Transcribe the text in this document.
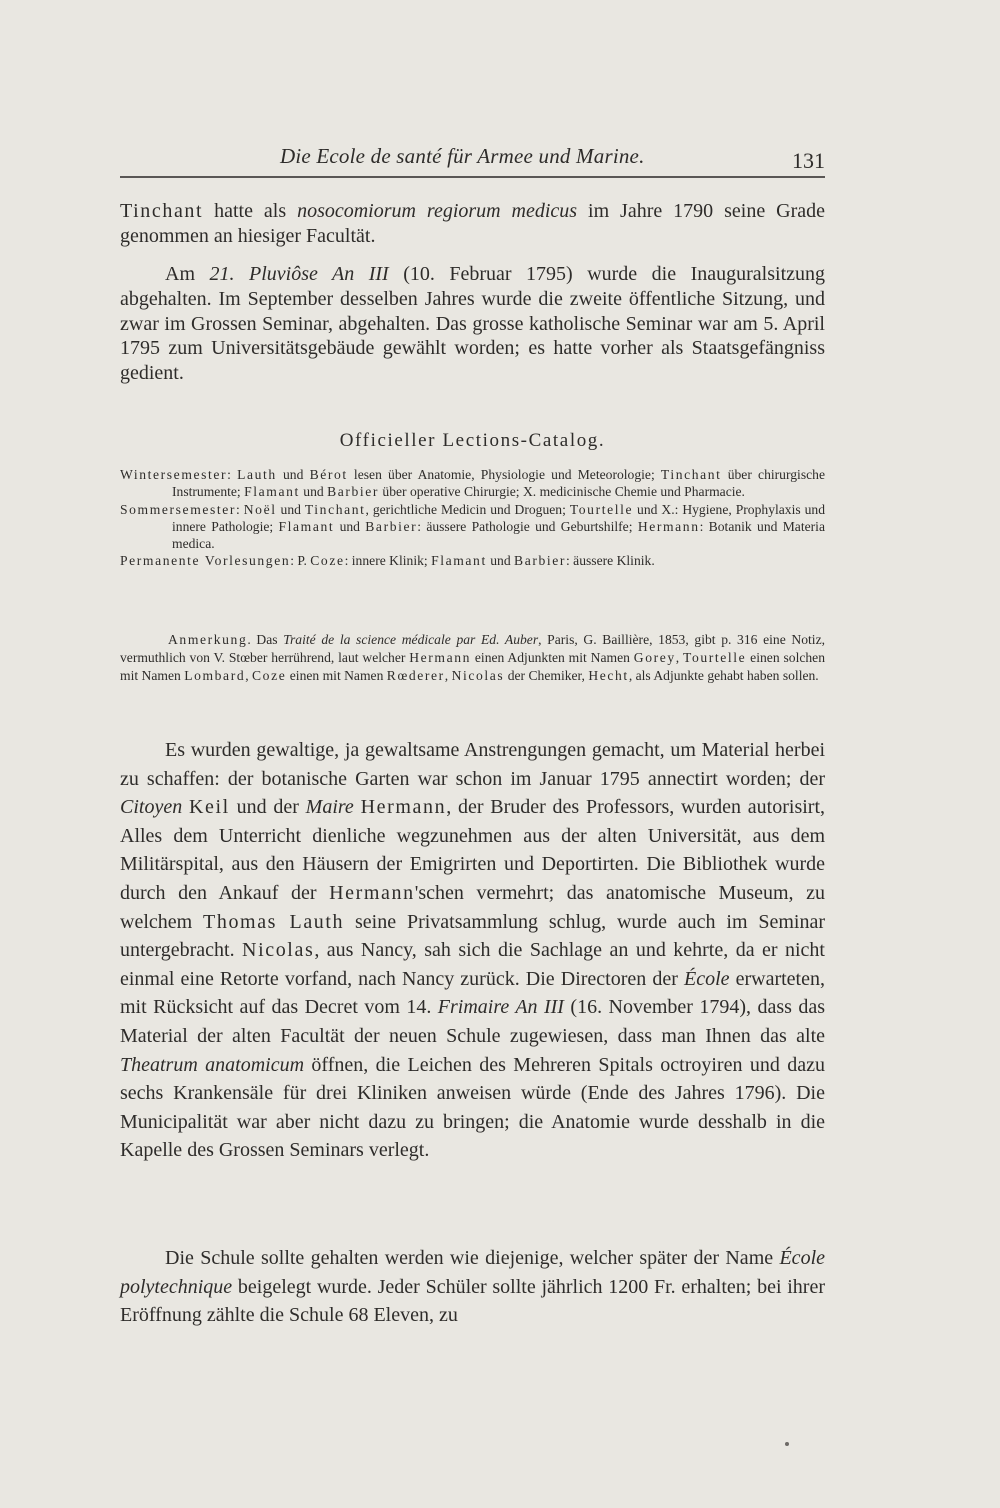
Die Ecole de santé für Armee und Marine.	131

Tinchant hatte als nosocomiorum regiorum medicus im Jahre 1790 seine Grade genommen an hiesiger Facultät.

Am 21. Pluviôse An III (10. Februar 1795) wurde die Inauguralsitzung abgehalten. Im September desselben Jahres wurde die zweite öffentliche Sitzung, und zwar im Grossen Seminar, abgehalten. Das grosse katholische Seminar war am 5. April 1795 zum Universitätsgebäude gewählt worden; es hatte vorher als Staatsgefängniss gedient.

Officieller Lections-Catalog.
Wintersemester: Lauth und Bérot lesen über Anatomie, Physiologie und Meteorologie; Tinchant über chirurgische Instrumente; Flamant und Barbier über operative Chirurgie; X. medicinische Chemie und Pharmacie.
Sommersemester: Noël und Tinchant, gerichtliche Medicin und Droguen; Tourtelle und X.: Hygiene, Prophylaxis und innere Pathologie; Flamant und Barbier: äussere Pathologie und Geburtshilfe; Hermann: Botanik und Materia medica.
Permanente Vorlesungen: P. Coze: innere Klinik; Flamant und Barbier: äussere Klinik.

Anmerkung. Das Traité de la science médicale par Ed. Auber, Paris, G. Baillière, 1853, gibt p. 316 eine Notiz, vermuthlich von V. Stœber herrührend, laut welcher Hermann einen Adjunkten mit Namen Gorey, Tourtelle einen solchen mit Namen Lombard, Coze einen mit Namen Rœderer, Nicolas der Chemiker, Hecht, als Adjunkte gehabt haben sollen.

Es wurden gewaltige, ja gewaltsame Anstrengungen gemacht, um Material herbei zu schaffen: der botanische Garten war schon im Januar 1795 annectirt worden; der Citoyen Keil und der Maire Hermann, der Bruder des Professors, wurden autorisirt, Alles dem Unterricht dienliche wegzunehmen aus der alten Universität, aus dem Militärspital, aus den Häusern der Emigrirten und Deportirten. Die Bibliothek wurde durch den Ankauf der Hermann'schen vermehrt; das anatomische Museum, zu welchem Thomas Lauth seine Privatsammlung schlug, wurde auch im Seminar untergebracht. Nicolas, aus Nancy, sah sich die Sachlage an und kehrte, da er nicht einmal eine Retorte vorfand, nach Nancy zurück. Die Directoren der École erwarteten, mit Rücksicht auf das Decret vom 14. Frimaire An III (16. November 1794), dass das Material der alten Facultät der neuen Schule zugewiesen, dass man Ihnen das alte Theatrum anatomicum öffnen, die Leichen des Mehreren Spitals octroyiren und dazu sechs Krankensäle für drei Kliniken anweisen würde (Ende des Jahres 1796). Die Municipalität war aber nicht dazu zu bringen; die Anatomie wurde desshalb in die Kapelle des Grossen Seminars verlegt.

Die Schule sollte gehalten werden wie diejenige, welcher später der Name École polytechnique beigelegt wurde. Jeder Schüler sollte jährlich 1200 Fr. erhalten; bei ihrer Eröffnung zählte die Schule 68 Eleven, zu
